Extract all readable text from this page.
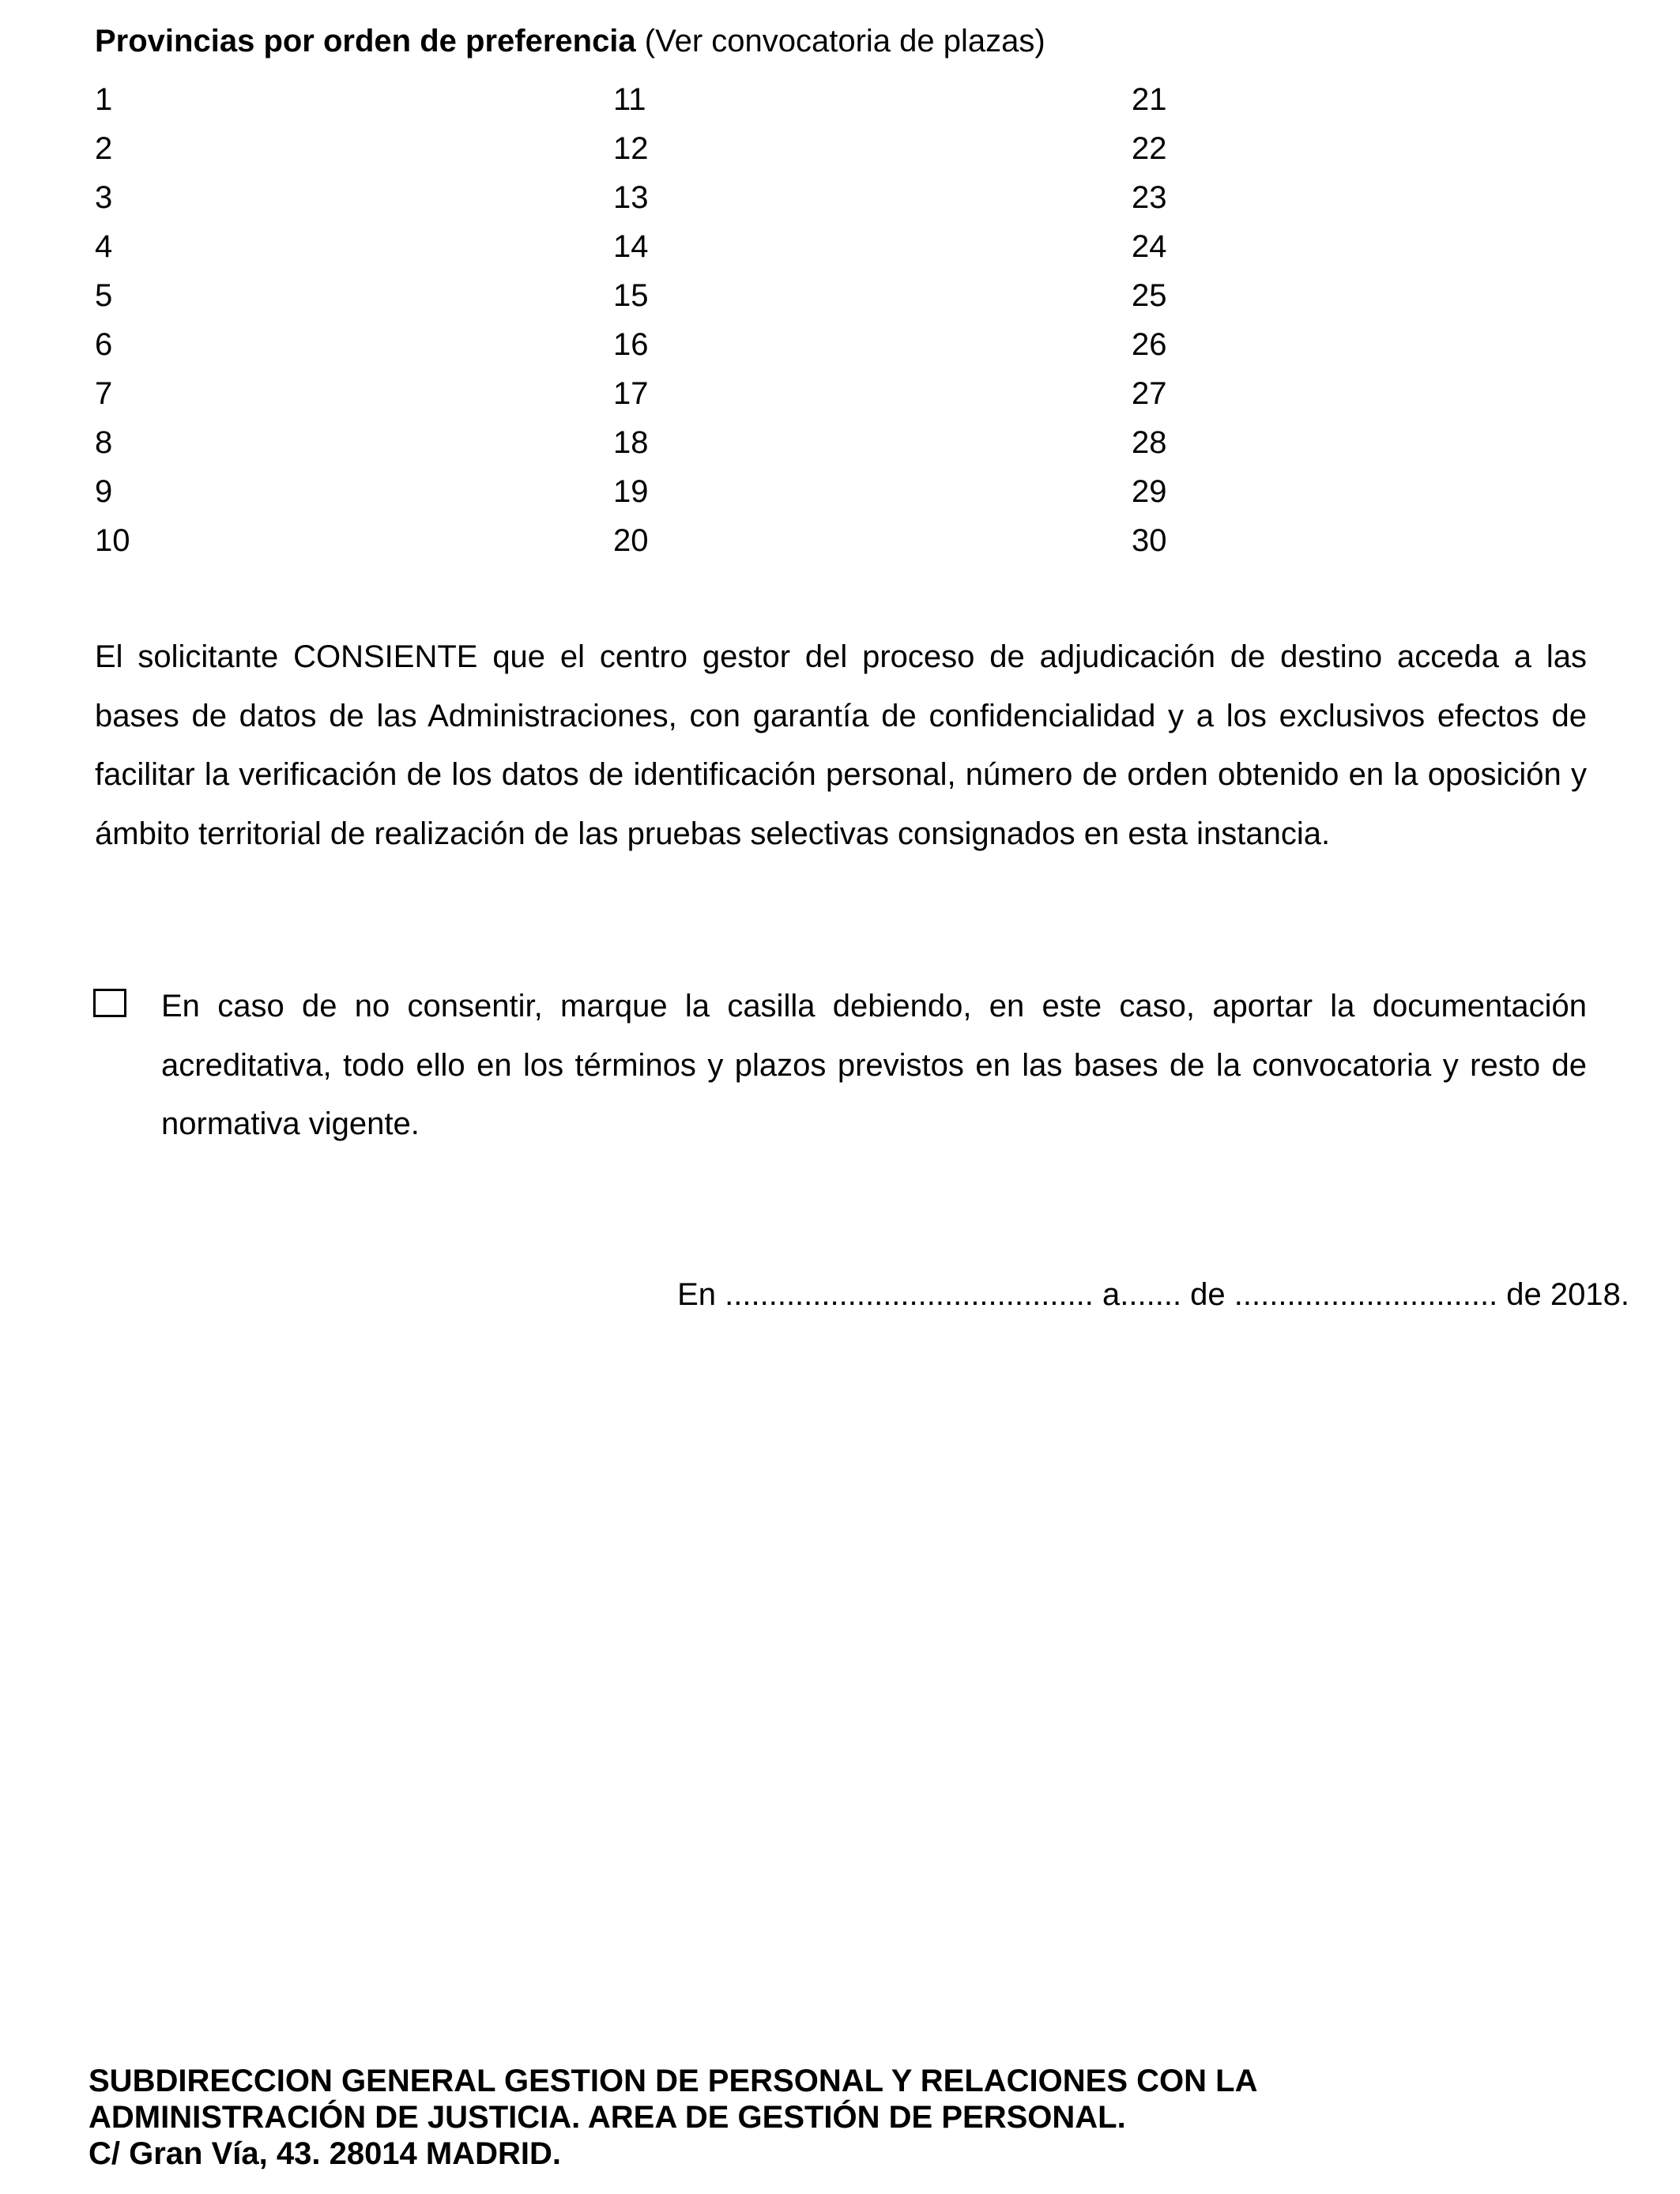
Provincias por orden de preferencia (Ver convocatoria de plazas)
1
2
3
4
5
6
7
8
9
10
11
12
13
14
15
16
17
18
19
20
21
22
23
24
25
26
27
28
29
30
El solicitante CONSIENTE que el centro gestor del proceso de adjudicación de destino acceda a las bases de datos de las Administraciones, con garantía de confidencialidad y a los exclusivos efectos de facilitar la verificación de los datos de identificación personal, número de orden obtenido en la oposición y ámbito territorial de realización de las pruebas selectivas consignados en esta instancia.
En caso de no consentir, marque la casilla debiendo, en este caso, aportar la documentación acreditativa, todo ello en los términos y plazos previstos en las bases de la convocatoria y resto de normativa vigente.
En .......................................... a....... de .............................. de 2018.
SUBDIRECCION GENERAL GESTION DE PERSONAL Y RELACIONES CON LA
ADMINISTRACIÓN DE JUSTICIA. AREA DE GESTIÓN DE PERSONAL.
C/ Gran Vía, 43. 28014 MADRID.
